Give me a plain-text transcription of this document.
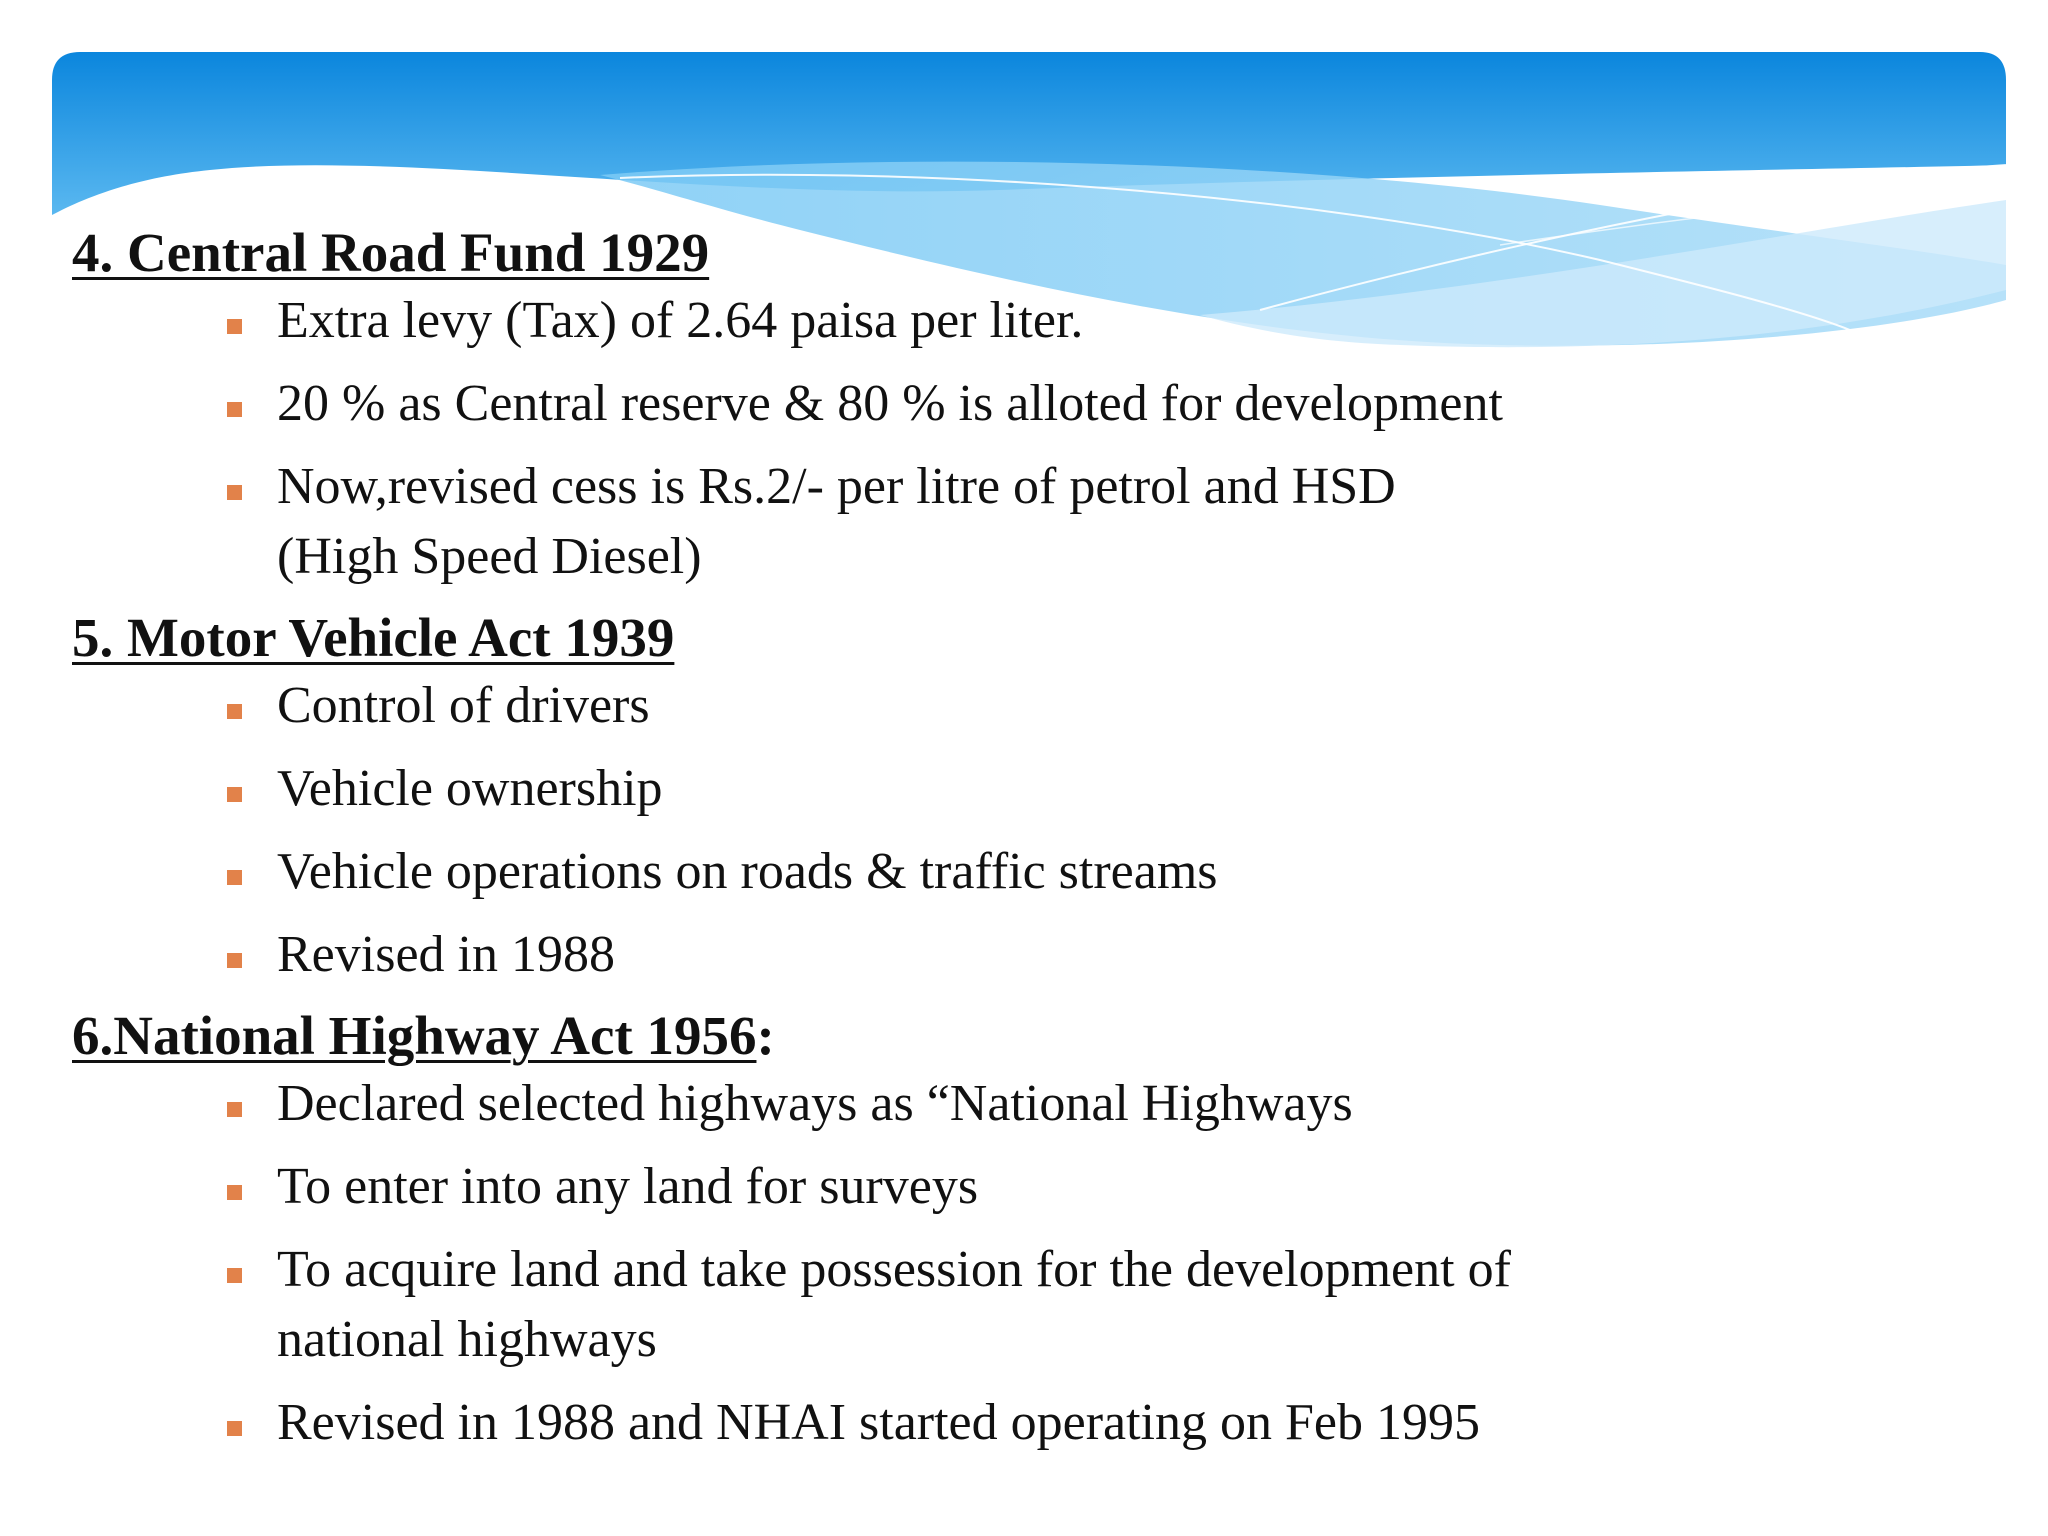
4. Central Road Fund 1929

Extra levy (Tax) of 2.64 paisa per liter.
20 % as Central reserve & 80 % is alloted for development
Now,revised cess is Rs.2/- per litre of petrol and HSD (High Speed Diesel)

5. Motor Vehicle Act 1939

Control of drivers
Vehicle ownership
Vehicle operations on roads & traffic streams
Revised in 1988

6.National Highway Act 1956:

Declared selected highways as “National Highways
To enter into any land for surveys
To acquire land and take possession for the development of national highways
Revised in 1988 and NHAI started operating on Feb 1995
